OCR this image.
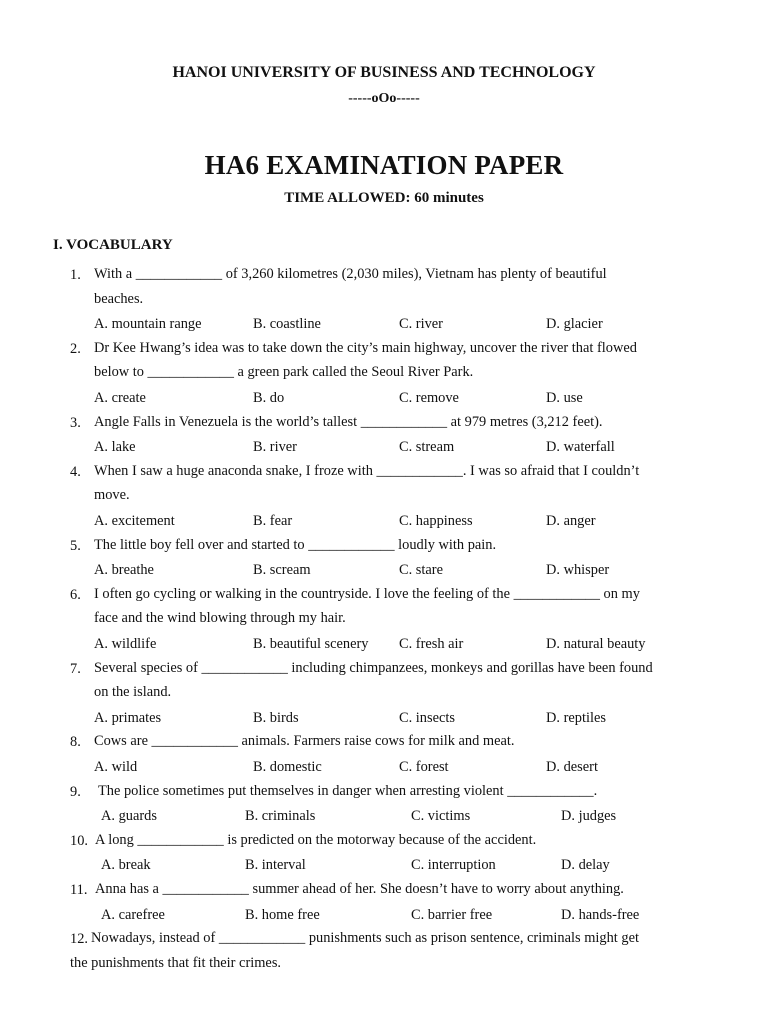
HANOI UNIVERSITY OF BUSINESS AND TECHNOLOGY
-----oOo-----
HA6 EXAMINATION PAPER
TIME ALLOWED: 60 minutes
I. VOCABULARY
1. With a ____________ of 3,260 kilometres (2,030 miles), Vietnam has plenty of beautiful
beaches.
A. mountain range	B. coastline	C. river	D. glacier
2. Dr Kee Hwang’s idea was to take down the city’s main highway, uncover the river that flowed
below to ____________ a green park called the Seoul River Park.
A. create	B. do	C. remove	D. use
3. Angle Falls in Venezuela is the world’s tallest ____________ at 979 metres (3,212 feet).
A. lake	B. river	C. stream	D. waterfall
4. When I saw a huge anaconda snake, I froze with ____________. I was so afraid that I couldn’t
move.
A. excitement	B. fear	C. happiness	D. anger
5. The little boy fell over and started to ____________ loudly with pain.
A. breathe	B. scream	C. stare	D. whisper
6. I often go cycling or walking in the countryside. I love the feeling of the ____________ on my
face and the wind blowing through my hair.
A. wildlife	B. beautiful scenery C. fresh air	D. natural beauty
7. Several species of ____________ including chimpanzees, monkeys and gorillas have been found
on the island.
A. primates	B. birds	C. insects	D. reptiles
8. Cows are ____________ animals. Farmers raise cows for milk and meat.
A. wild	B. domestic	C. forest	D. desert
9. The police sometimes put themselves in danger when arresting violent ____________.
A. guards	B. criminals	C. victims	D. judges
10. A long ____________ is predicted on the motorway because of the accident.
A. break	B. interval	C. interruption	D. delay
11. Anna has a ____________ summer ahead of her. She doesn’t have to worry about anything.
A. carefree	B. home free	C. barrier free	D. hands-free
12. Nowadays, instead of ____________ punishments such as prison sentence, criminals might get
the punishments that fit their crimes.
